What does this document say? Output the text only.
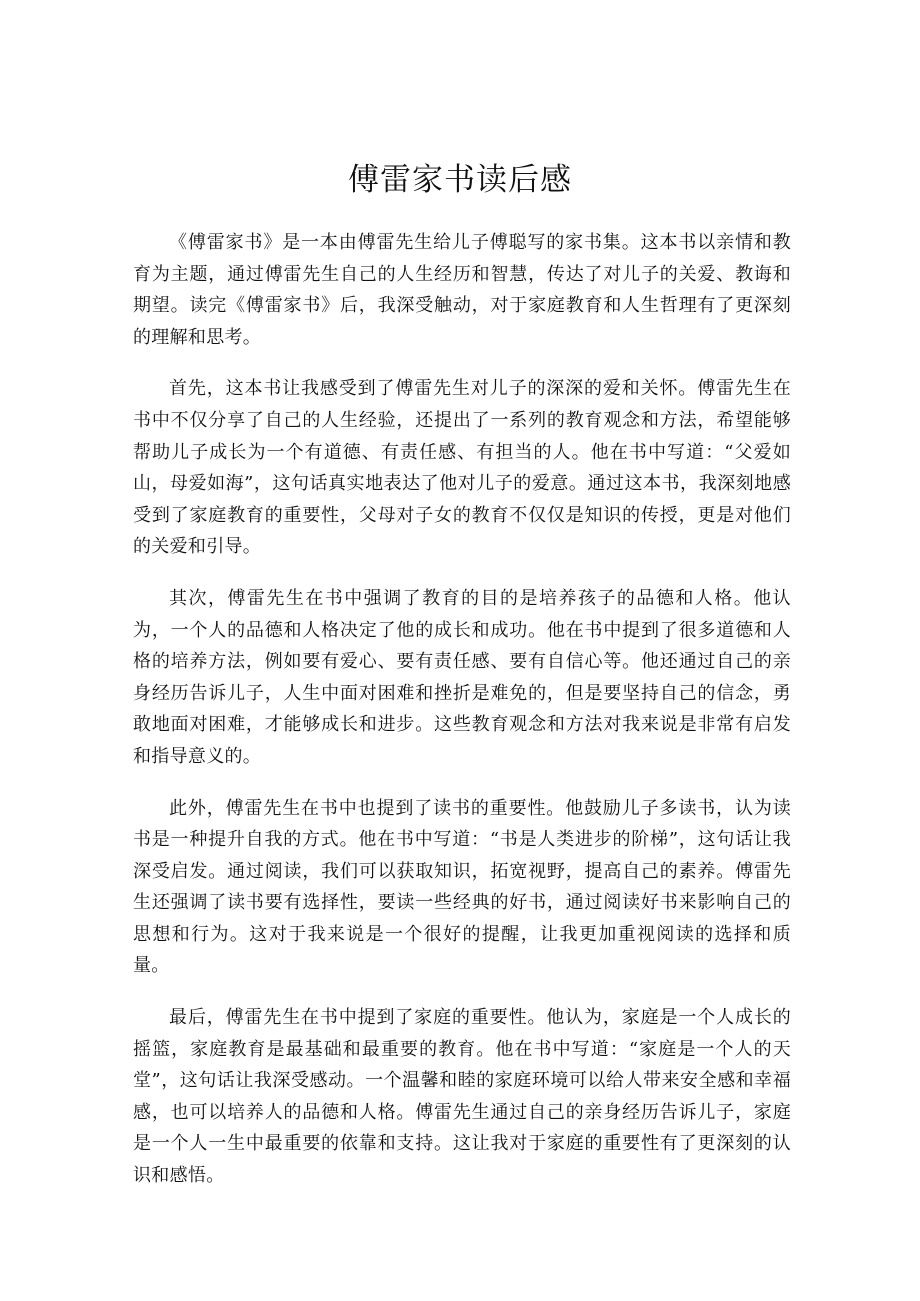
傅雷家书读后感

《傅雷家书》是一本由傅雷先生给儿子傅聪写的家书集。这本书以亲情和教育为主题，通过傅雷先生自己的人生经历和智慧，传达了对儿子的关爱、教诲和期望。读完《傅雷家书》后，我深受触动，对于家庭教育和人生哲理有了更深刻的理解和思考。

首先，这本书让我感受到了傅雷先生对儿子的深深的爱和关怀。傅雷先生在书中不仅分享了自己的人生经验，还提出了一系列的教育观念和方法，希望能够帮助儿子成长为一个有道德、有责任感、有担当的人。他在书中写道：“父爱如山，母爱如海”，这句话真实地表达了他对儿子的爱意。通过这本书，我深刻地感受到了家庭教育的重要性，父母对子女的教育不仅仅是知识的传授，更是对他们的关爱和引导。

其次，傅雷先生在书中强调了教育的目的是培养孩子的品德和人格。他认为，一个人的品德和人格决定了他的成长和成功。他在书中提到了很多道德和人格的培养方法，例如要有爱心、要有责任感、要有自信心等。他还通过自己的亲身经历告诉儿子，人生中面对困难和挫折是难免的，但是要坚持自己的信念，勇敢地面对困难，才能够成长和进步。这些教育观念和方法对我来说是非常有启发和指导意义的。

此外，傅雷先生在书中也提到了读书的重要性。他鼓励儿子多读书，认为读书是一种提升自我的方式。他在书中写道：“书是人类进步的阶梯”，这句话让我深受启发。通过阅读，我们可以获取知识，拓宽视野，提高自己的素养。傅雷先生还强调了读书要有选择性，要读一些经典的好书，通过阅读好书来影响自己的思想和行为。这对于我来说是一个很好的提醒，让我更加重视阅读的选择和质量。

最后，傅雷先生在书中提到了家庭的重要性。他认为，家庭是一个人成长的摇篮，家庭教育是最基础和最重要的教育。他在书中写道：“家庭是一个人的天堂”，这句话让我深受感动。一个温馨和睦的家庭环境可以给人带来安全感和幸福感，也可以培养人的品德和人格。傅雷先生通过自己的亲身经历告诉儿子，家庭是一个人一生中最重要的依靠和支持。这让我对于家庭的重要性有了更深刻的认识和感悟。
